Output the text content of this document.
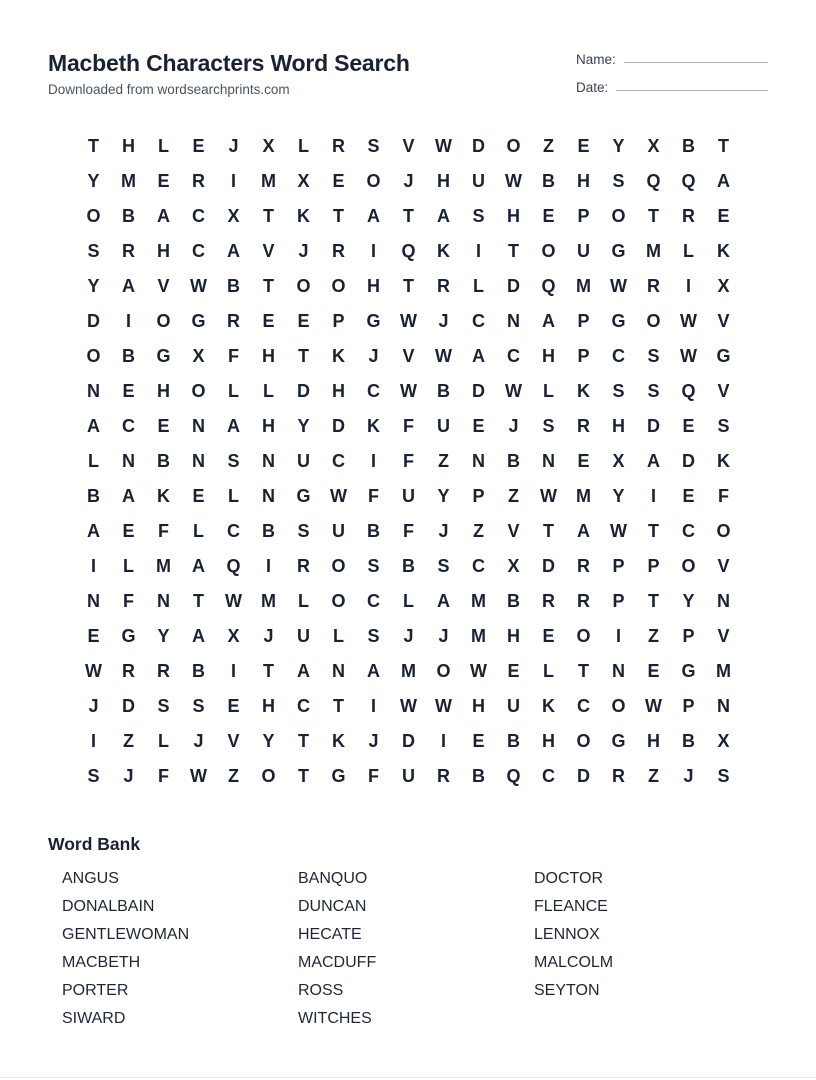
Macbeth Characters Word Search
Downloaded from wordsearchprints.com
Name:
Date:
T	H	L	E	J	X	L	R	S	V	W	D	O	Z	E	Y	X	B	T
Y	M	E	R	I	M	X	E	O	J	H	U	W	B	H	S	Q	Q	A
O	B	A	C	X	T	K	T	A	T	A	S	H	E	P	O	T	R	E
S	R	H	C	A	V	J	R	I	Q	K	I	T	O	U	G	M	L	K
Y	A	V	W	B	T	O	O	H	T	R	L	D	Q	M	W	R	I	X
D	I	O	G	R	E	E	P	G	W	J	C	N	A	P	G	O	W	V
O	B	G	X	F	H	T	K	J	V	W	A	C	H	P	C	S	W	G
N	E	H	O	L	L	D	H	C	W	B	D	W	L	K	S	S	Q	V
A	C	E	N	A	H	Y	D	K	F	U	E	J	S	R	H	D	E	S
L	N	B	N	S	N	U	C	I	F	Z	N	B	N	E	X	A	D	K
B	A	K	E	L	N	G	W	F	U	Y	P	Z	W	M	Y	I	E	F
A	E	F	L	C	B	S	U	B	F	J	Z	V	T	A	W	T	C	O
I	L	M	A	Q	I	R	O	S	B	S	C	X	D	R	P	P	O	V
N	F	N	T	W	M	L	O	C	L	A	M	B	R	R	P	T	Y	N
E	G	Y	A	X	J	U	L	S	J	J	M	H	E	O	I	Z	P	V
W	R	R	B	I	T	A	N	A	M	O	W	E	L	T	N	E	G	M
J	D	S	S	E	H	C	T	I	W	W	H	U	K	C	O	W	P	N
I	Z	L	J	V	Y	T	K	J	D	I	E	B	H	O	G	H	B	X
S	J	F	W	Z	O	T	G	F	U	R	B	Q	C	D	R	Z	J	S
Word Bank
ANGUS	BANQUO	DOCTOR
DONALBAIN	DUNCAN	FLEANCE
GENTLEWOMAN	HECATE	LENNOX
MACBETH	MACDUFF	MALCOLM
PORTER	ROSS	SEYTON
SIWARD	WITCHES
